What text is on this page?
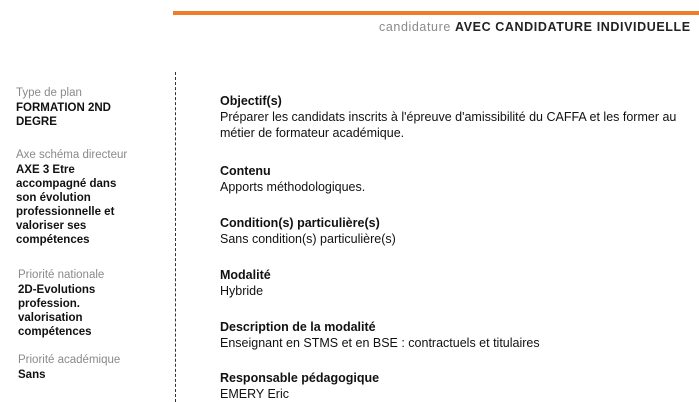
candidature AVEC CANDIDATURE INDIVIDUELLE
Type de plan
FORMATION 2ND
DEGRE
Axe schéma directeur
AXE 3 Etre
accompagné dans
son évolution
professionnelle et
valoriser ses
compétences
Priorité nationale
2D-Evolutions
profession.
valorisation
compétences
Priorité académique
Sans
Objectif(s)
Préparer les candidats inscrits à l'épreuve d'amissibilité du CAFFA et les former au
métier de formateur académique.
Contenu
Apports méthodologiques.
Condition(s) particulière(s)
Sans condition(s) particulière(s)
Modalité
Hybride
Description de la modalité
Enseignant en STMS et en BSE : contractuels et titulaires
Responsable pédagogique
EMERY Eric
